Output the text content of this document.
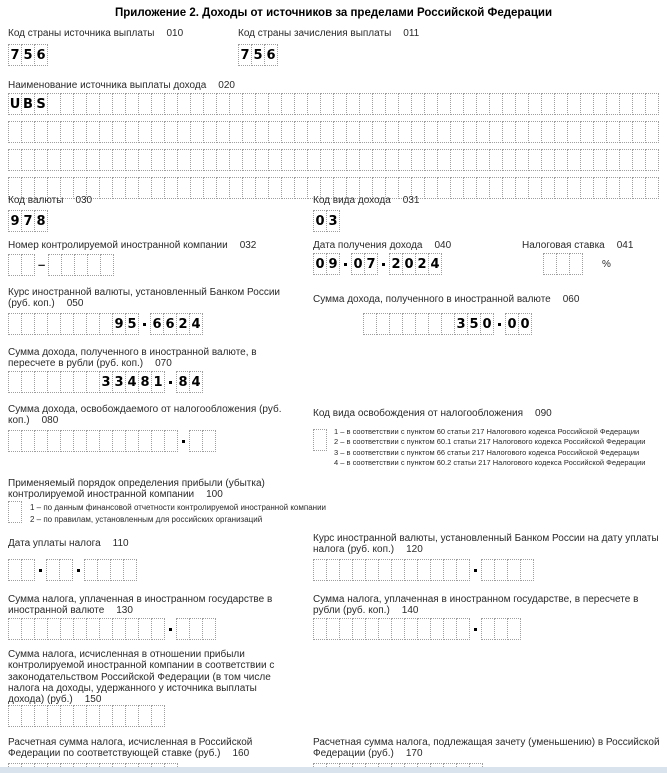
Приложение 2. Доходы от источников за пределами Российской Федерации
Код страны источника выплаты 010	Код страны зачисления выплаты 011
7 5 6	7 5 6
Наименование источника выплаты дохода 020
U B S
Код валюты 030	Код вида дохода 031
9 7 8	0 3
Номер контролируемой иностранной компании 032	Дата получения дохода 040	Налоговая ставка 041
–	0 9 0 7 2 0 2 4	%
Курс иностранной валюты, установленный Банком России (руб. коп.) 050	Сумма дохода, полученного в иностранной валюте 060
9 5 6 6 2 4	3 5 0 0 0
Сумма дохода, полученного в иностранной валюте, в пересчете в рубли (руб. коп.) 070
3 3 4 8 1 8 4
Сумма дохода, освобождаемого от налогообложения (руб. коп.) 080
Код вида освобождения от налогообложения 090
1 – в соответствии с пунктом 60 статьи 217 Налогового кодекса Российской Федерации
2 – в соответствии с пунктом 60.1 статьи 217 Налогового кодекса Российской Федерации
3 – в соответствии с пунктом 66 статьи 217 Налогового кодекса Российской Федерации
4 – в соответствии с пунктом 60.2 статьи 217 Налогового кодекса Российской Федерации
Применяемый порядок определения прибыли (убытка) контролируемой иностранной компании 100
1 – по данным финансовой отчетности контролируемой иностранной компании
2 – по правилам, установленным для российских организаций
Дата уплаты налога 110	Курс иностранной валюты, установленный Банком России на дату уплаты налога (руб. коп.) 120
Сумма налога, уплаченная в иностранном государстве в иностранной валюте 130
Сумма налога, уплаченная в иностранном государстве, в пересчете в рубли (руб. коп.) 140
Сумма налога, исчисленная в отношении прибыли контролируемой иностранной компании в соответствии с законодательством Российской Федерации (в том числе налога на доходы, удержанного у источника выплаты дохода) (руб.) 150
Расчетная сумма налога, исчисленная в Российской Федерации по соответствующей ставке (руб.) 160
Расчетная сумма налога, подлежащая зачету (уменьшению) в Российской Федерации (руб.) 170
